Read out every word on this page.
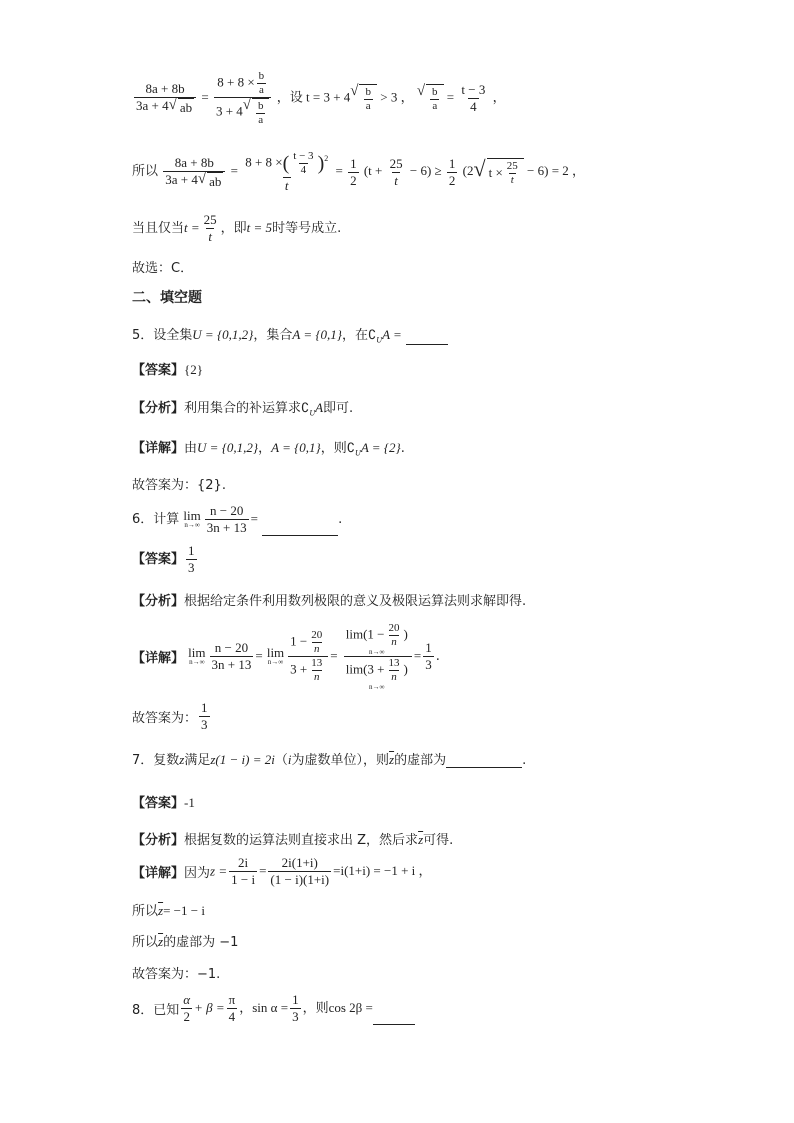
$\frac{8a + 8b}{3a + 4 √ ab} = \frac{8 + 8 \times \frac{b}{a}}{3 + 4 √ \frac{b}{a}}$ ，设 t = 3 + 4 √ $\frac{b}{a} > 3$ ， √ $\frac{b}{a} = \frac{t - 3}{4}$ ，
所以 $\frac{8a + 8b}{3a + 4 √ ab} = \frac{8 + 8 \times( \frac{t - 3}{4} )^2}{t} = \frac{1}{2} (t + \frac{25}{t} - 6) \ge \frac{1}{2} (2$ √ $t \times \frac{25}{t} - 6) = 2$ ，
当且仅当$t = \frac{25}{t}$ ，即t = 5时等号成立.
故选：C．
二、填空题
5．设全集U = {0,1,2}，集合A = {0,1}，在$∁_UA$ =
【答案】{2}
【分析】利用集合的补运算求$∁_UA$即可.
【详解】由U = {0,1,2}，A = {0,1}，则$∁_UA = \{2\}$.
故答案为：{2}.
6．计算 lim
$n\to\infty \frac{n - 20}{3n + 13}$ =	.
【答案】 $\frac{1}{3}$
【分析】根据给定条件利用数列极限的意义及极限运算法则求解即得.
【详解】 lim
$n\to\infty \frac{n - 20}{3n + 13} = \lim$
$n\to\infty \frac{1 - \frac{20}{n}}{3 + \frac{13}{n}} = \lim(1 - \frac{20}{n}$ )
n→∞
$\lim(3 + \frac{13}{n}$ )
$n\to\infty = \frac{1}{3}$ .
故答案为： $\frac{1}{3}$
7．复数z满足z(1 − i) = 2i（i为虚数单位），则$\overline{z}$的虚部为	.
【答案】-1
【分析】根据复数的运算法则直接求出 Z，然后求$\overline{z}$可得.
【详解】因为$z = \frac{2i}{1 - i} = \frac{2i(1+i)}{(1 - i)(1+i)} =i(1+i) = -1 + i$ ，
所以$\overline{z}= -1 - i$
所以$\overline{z}$的虚部为 −1
故答案为：−1.
8．已知 $\frac{\alpha}{2} + \beta = \frac{\pi}{4}$ ，$\sin \alpha = \frac{1}{3}$ ，则cos 2β =
